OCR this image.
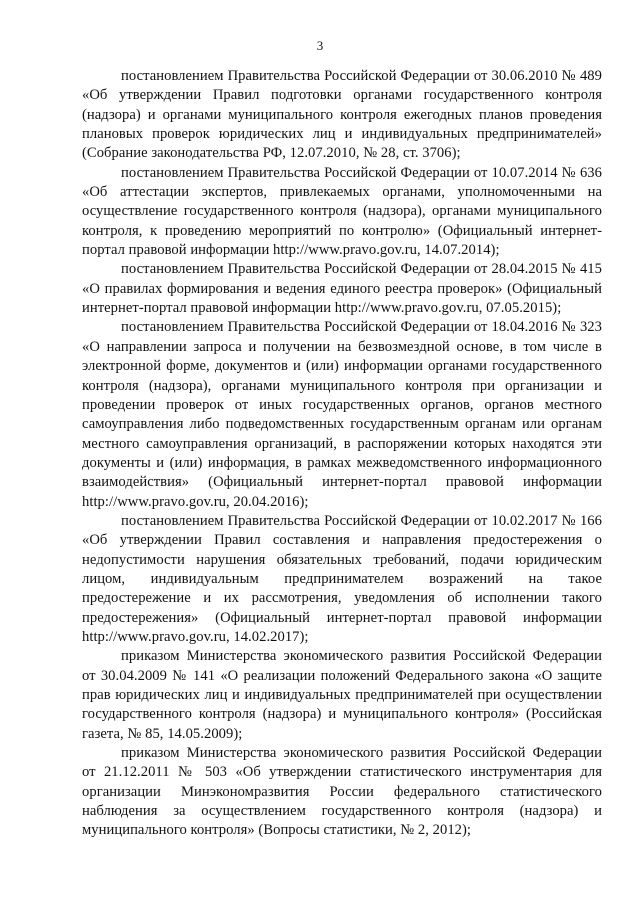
3

постановлением Правительства Российской Федерации от 30.06.2010 № 489 «Об утверждении Правил подготовки органами государственного контроля (надзора) и органами муниципального контроля ежегодных планов проведения плановых проверок юридических лиц и индивидуальных предпринимателей» (Собрание законодательства РФ, 12.07.2010, № 28, ст. 3706);

постановлением Правительства Российской Федерации от 10.07.2014 № 636 «Об аттестации экспертов, привлекаемых органами, уполномоченными на осуществление государственного контроля (надзора), органами муниципального контроля, к проведению мероприятий по контролю» (Официальный интернет-портал правовой информации http://www.pravo.gov.ru, 14.07.2014);

постановлением Правительства Российской Федерации от 28.04.2015 № 415 «О правилах формирования и ведения единого реестра проверок» (Официальный интернет-портал правовой информации http://www.pravo.gov.ru, 07.05.2015);

постановлением Правительства Российской Федерации от 18.04.2016 № 323 «О направлении запроса и получении на безвозмездной основе, в том числе в электронной форме, документов и (или) информации органами государственного контроля (надзора), органами муниципального контроля при организации и проведении проверок от иных государственных органов, органов местного самоуправления либо подведомственных государственным органам или органам местного самоуправления организаций, в распоряжении которых находятся эти документы и (или) информация, в рамках межведомственного информационного взаимодействия» (Официальный интернет-портал правовой информации http://www.pravo.gov.ru, 20.04.2016);

постановлением Правительства Российской Федерации от 10.02.2017 № 166 «Об утверждении Правил составления и направления предостережения о недопустимости нарушения обязательных требований, подачи юридическим лицом, индивидуальным предпринимателем возражений на такое предостережение и их рассмотрения, уведомления об исполнении такого предостережения» (Официальный интернет-портал правовой информации http://www.pravo.gov.ru, 14.02.2017);

приказом Министерства экономического развития Российской Федерации от 30.04.2009 № 141 «О реализации положений Федерального закона «О защите прав юридических лиц и индивидуальных предпринимателей при осуществлении государственного контроля (надзора) и муниципального контроля» (Российская газета, № 85, 14.05.2009);

приказом Министерства экономического развития Российской Федерации от 21.12.2011 № 503 «Об утверждении статистического инструментария для организации Минэкономразвития России федерального статистического наблюдения за осуществлением государственного контроля (надзора) и муниципального контроля» (Вопросы статистики, № 2, 2012);
